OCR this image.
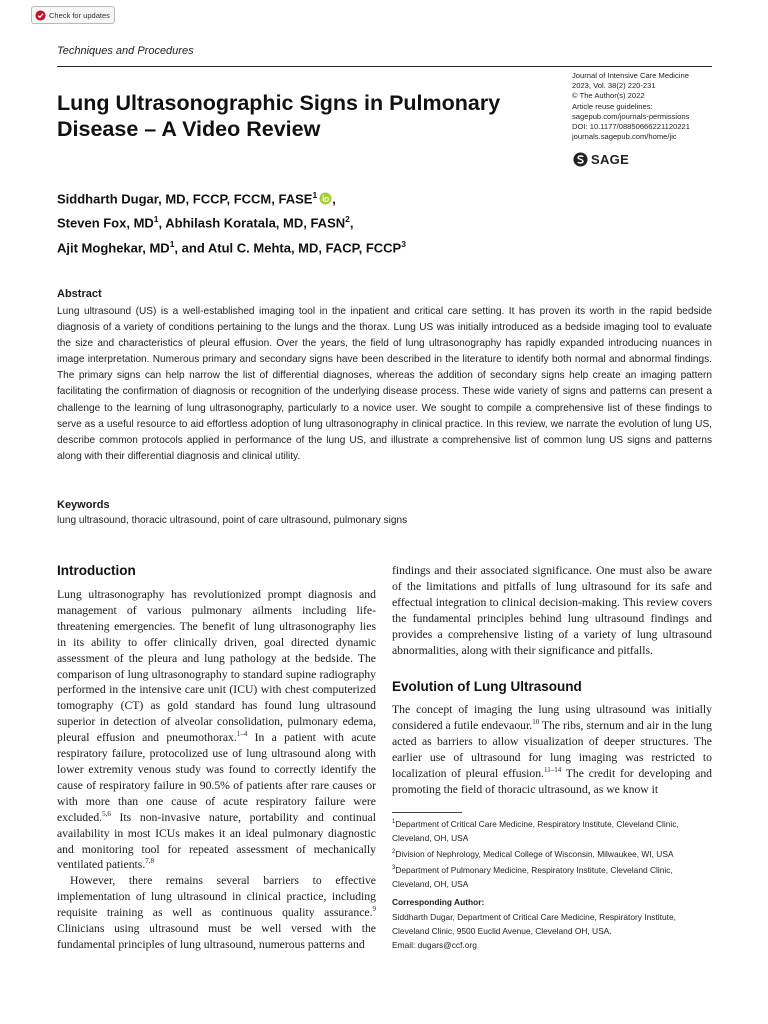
Check for updates
Techniques and Procedures
Lung Ultrasonographic Signs in Pulmonary Disease – A Video Review
Journal of Intensive Care Medicine
2023, Vol. 38(2) 220-231
© The Author(s) 2022
Article reuse guidelines:
sagepub.com/journals-permissions
DOI: 10.1177/08850666221120221
journals.sagepub.com/home/jic
SAGE
Siddharth Dugar, MD, FCCP, FCCM, FASE$^1$ ,
Steven Fox, $MD^1$, Abhilash Koratala, MD, FASN$^2$,
Ajit Moghekar, $MD^1$, and Atul C. Mehta, MD, FACP, FCCP$^3$
Abstract

Lung ultrasound (US) is a well-established imaging tool in the inpatient and critical care setting. It has proven its worth in the rapid bedside diagnosis of a variety of conditions pertaining to the lungs and the thorax. Lung US was initially introduced as a bedside imaging tool to evaluate the size and characteristics of pleural effusion. Over the years, the field of lung ultrasonography has rapidly expanded introducing nuances in image interpretation. Numerous primary and secondary signs have been described in the literature to identify both normal and abnormal findings. The primary signs can help narrow the list of differential diagnoses, whereas the addition of secondary signs help create an imaging pattern facilitating the confirmation of diagnosis or recognition of the underlying disease process. These wide variety of signs and patterns can present a challenge to the learning of lung ultrasonography, particularly to a novice user. We sought to compile a comprehensive list of these findings to serve as a useful resource to aid effortless adoption of lung ultrasonography in clinical practice. In this review, we narrate the evolution of lung US, describe common protocols applied in performance of the lung US, and illustrate a comprehensive list of common lung US signs and patterns along with their differential diagnosis and clinical utility.

Keywords
lung ultrasound, thoracic ultrasound, point of care ultrasound, pulmonary signs
Introduction

Lung ultrasonography has revolutionized prompt diagnosis and management of various pulmonary ailments including life-threatening emergencies. The benefit of lung ultrasonography lies in its ability to offer clinically driven, goal directed dynamic assessment of the pleura and lung pathology at the bedside. The comparison of lung ultrasonography to standard supine radiography performed in the intensive care unit (ICU) with chest computerized tomography (CT) as gold standard has found lung ultrasound superior in detection of alveolar consolidation, pulmonary edema, pleural effusion and pneumothorax.$^{1-4}$ In a patient with acute respiratory failure, protocolized use of lung ultrasound along with lower extremity venous study was found to correctly identify the cause of respiratory failure in 90.5% of patients after rare causes or with more than one cause of acute respiratory failure were excluded.$^{5,6}$ Its non-invasive nature, portability and continual availability in most ICUs makes it an ideal pulmonary diagnostic and monitoring tool for repeated assessment of mechanically ventilated patients.$^{7,8}$

However, there remains several barriers to effective implementation of lung ultrasound in clinical practice, including requisite training as well as continuous quality assurance.$^9$ Clinicians using ultrasound must be well versed with the fundamental principles of lung ultrasound, numerous patterns and

findings and their associated significance. One must also be aware of the limitations and pitfalls of lung ultrasound for its safe and effectual integration to clinical decision-making. This review covers the fundamental principles behind lung ultrasound findings and provides a comprehensive listing of a variety of lung ultrasound abnormalities, along with their significance and pitfalls.

Evolution of Lung Ultrasound

The concept of imaging the lung using ultrasound was initially considered a futile endevaour.$^{10}$ The ribs, sternum and air in the lung acted as barriers to allow visualization of deeper structures. The earlier use of ultrasound for lung imaging was restricted to localization of pleural effusion.$^{11-14}$ The credit for developing and promoting the field of thoracic ultrasound, as we know it

$^1$Department of Critical Care Medicine, Respiratory Institute, Cleveland Clinic, Cleveland, OH, USA
$^2$Division of Nephrology, Medical College of Wisconsin, Milwaukee, WI, USA
$^3$Department of Pulmonary Medicine, Respiratory Institute, Cleveland Clinic, Cleveland, OH, USA
Corresponding Author:
Siddharth Dugar, Department of Critical Care Medicine, Respiratory Institute, Cleveland Clinic, 9500 Euclid Avenue, Cleveland OH, USA.
Email: dugars@ccf.org
